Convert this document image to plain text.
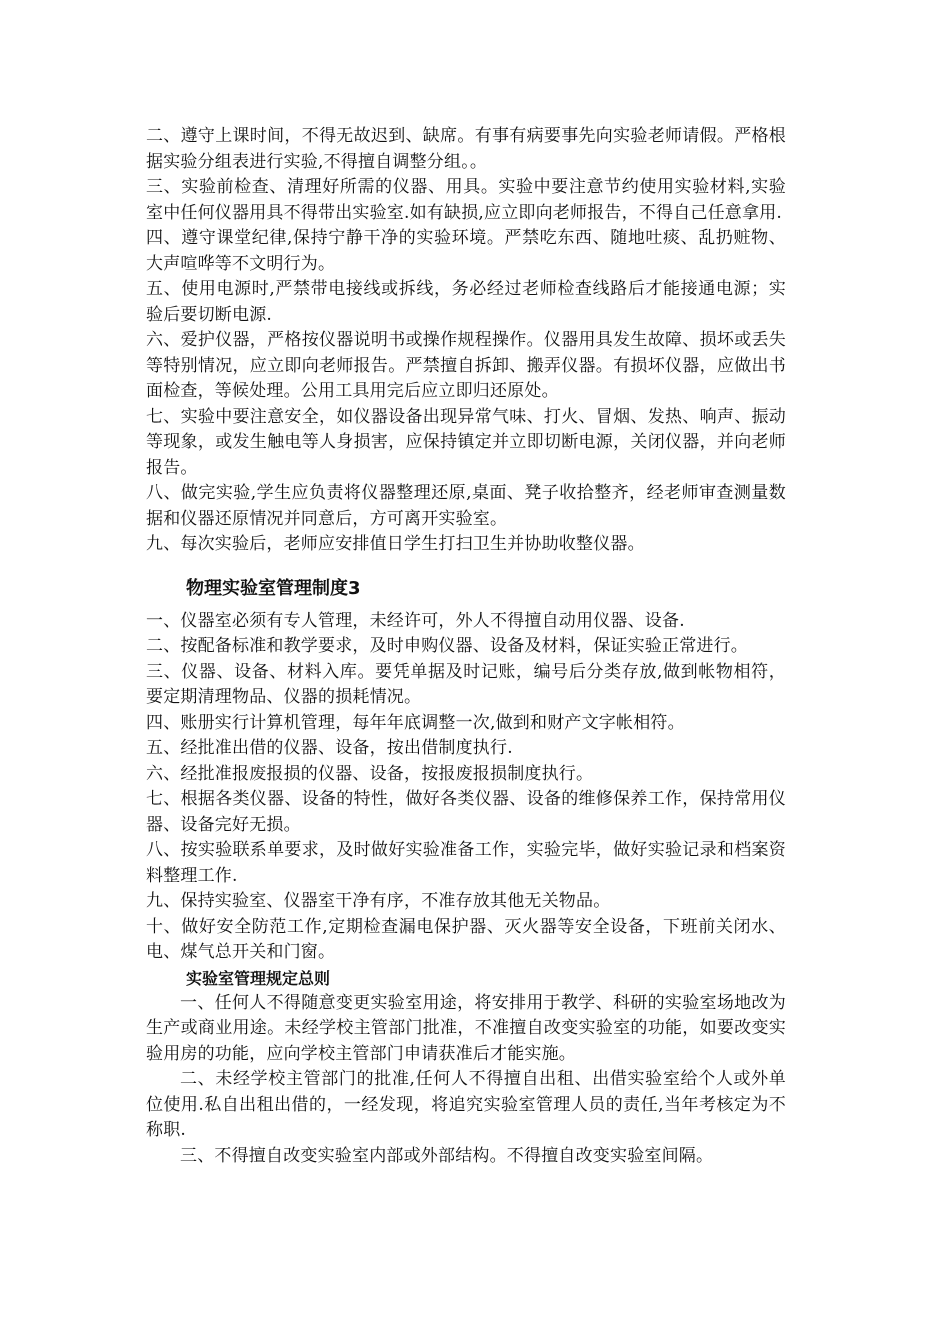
二、遵守上课时间，不得无故迟到、缺席。有事有病要事先向实验老师请假。严格根据实验分组表进行实验,不得擅自调整分组。。

三、实验前检查、清理好所需的仪器、用具。实验中要注意节约使用实验材料,实验室中任何仪器用具不得带出实验室.如有缺损,应立即向老师报告，不得自己任意拿用.

四、遵守课堂纪律,保持宁静干净的实验环境。严禁吃东西、随地吐痰、乱扔赃物、大声喧哗等不文明行为。

五、使用电源时,严禁带电接线或拆线，务必经过老师检查线路后才能接通电源；实验后要切断电源.

六、爱护仪器，严格按仪器说明书或操作规程操作。仪器用具发生故障、损坏或丢失等特别情况，应立即向老师报告。严禁擅自拆卸、搬弄仪器。有损坏仪器，应做出书面检查，等候处理。公用工具用完后应立即归还原处。

七、实验中要注意安全，如仪器设备出现异常气味、打火、冒烟、发热、响声、振动等现象，或发生触电等人身损害，应保持镇定并立即切断电源，关闭仪器，并向老师报告。

八、做完实验,学生应负责将仪器整理还原,桌面、凳子收拾整齐，经老师审查测量数据和仪器还原情况并同意后，方可离开实验室。

九、每次实验后，老师应安排值日学生打扫卫生并协助收整仪器。

物理实验室管理制度3

一、仪器室必须有专人管理，未经许可，外人不得擅自动用仪器、设备.

二、按配备标准和教学要求，及时申购仪器、设备及材料，保证实验正常进行。

三、仪器、设备、材料入库。要凭单据及时记账，编号后分类存放,做到帐物相符，要定期清理物品、仪器的损耗情况。

四、账册实行计算机管理，每年年底调整一次,做到和财产文字帐相符。

五、经批准出借的仪器、设备，按出借制度执行.

六、经批准报废报损的仪器、设备，按报废报损制度执行。

七、根据各类仪器、设备的特性，做好各类仪器、设备的维修保养工作，保持常用仪器、设备完好无损。

八、按实验联系单要求，及时做好实验准备工作，实验完毕，做好实验记录和档案资料整理工作.

九、保持实验室、仪器室干净有序，不准存放其他无关物品。

十、做好安全防范工作,定期检查漏电保护器、灭火器等安全设备，下班前关闭水、电、煤气总开关和门窗。

实验室管理规定总则

一、任何人不得随意变更实验室用途，将安排用于教学、科研的实验室场地改为生产或商业用途。未经学校主管部门批准，不准擅自改变实验室的功能，如要改变实验用房的功能，应向学校主管部门申请获准后才能实施。

二、未经学校主管部门的批准,任何人不得擅自出租、出借实验室给个人或外单位使用.私自出租出借的，一经发现，将追究实验室管理人员的责任,当年考核定为不称职.

三、不得擅自改变实验室内部或外部结构。不得擅自改变实验室间隔。
